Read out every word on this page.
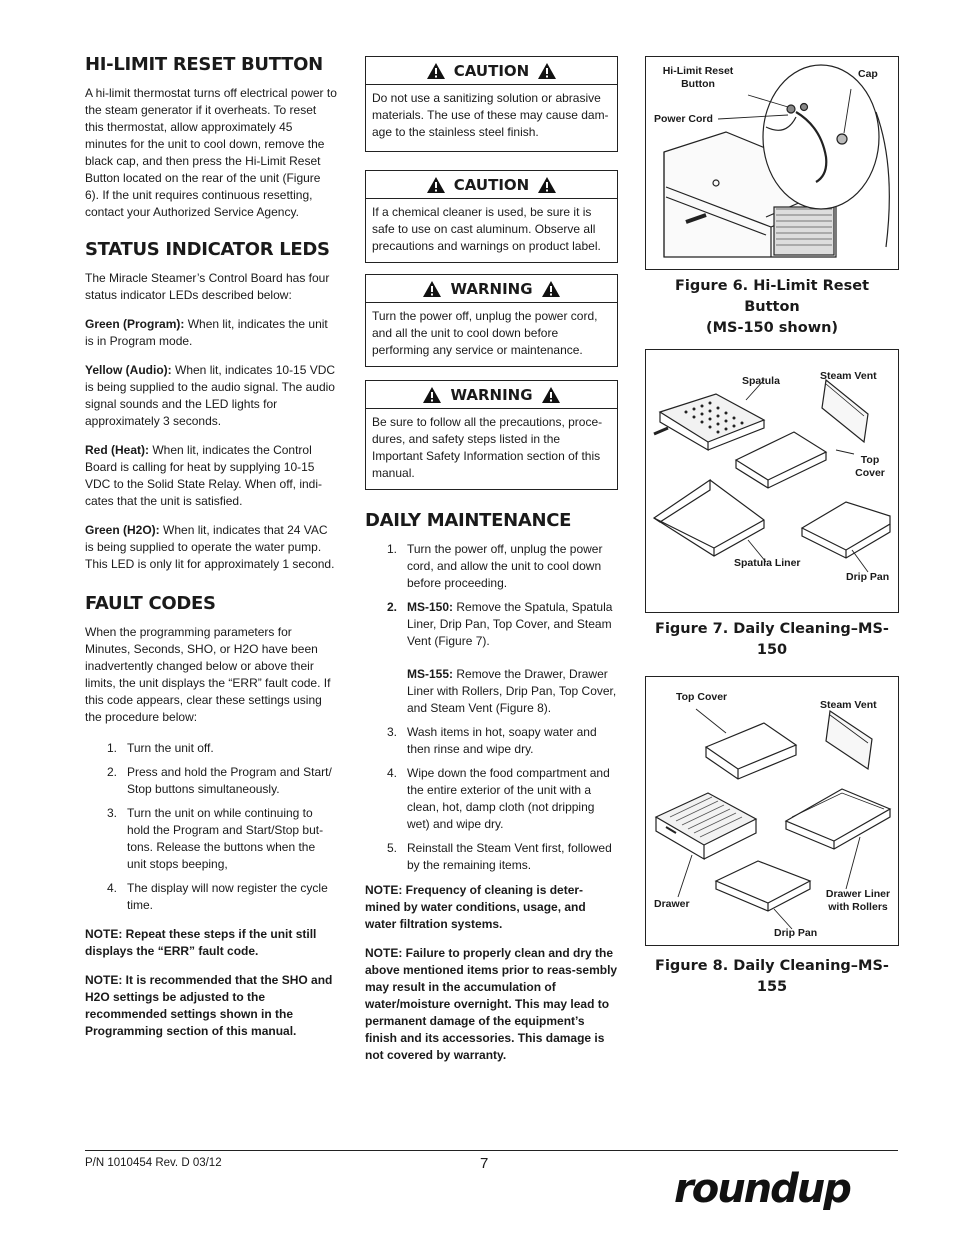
HI-LIMIT RESET BUTTON

A hi-limit thermostat turns off electrical power to the steam generator if it overheats. To reset this thermostat, allow approximately 45 minutes for the unit to cool down, remove the black cap, and then press the Hi-Limit Reset Button located on the rear of the unit (Figure 6). If the unit requires continuous resetting, contact your Authorized Service Agency.

STATUS INDICATOR LEDS

The Miracle Steamer’s Control Board has four status indicator LEDs described below:

Green (Program): When lit, indicates the unit is in Program mode.

Yellow (Audio): When lit, indicates 10-15 VDC is being supplied to the audio signal. The audio signal sounds and the LED lights for approximately 3 seconds.

Red (Heat): When lit, indicates the Control Board is calling for heat by supplying 10-15 VDC to the Solid State Relay. When off, indi-cates that the unit is satisfied.

Green (H2O): When lit, indicates that 24 VAC is being supplied to operate the water pump. This LED is only lit for approximately 1 second.

FAULT CODES

When the programming parameters for Minutes, Seconds, SHO, or H2O have been inadvertently changed below or above their limits, the unit displays the “ERR” fault code. If this code appears, clear these settings using the procedure below:

1. Turn the unit off.
2. Press and hold the Program and Start/ Stop buttons simultaneously.
3. Turn the unit on while continuing to hold the Program and Start/Stop but-tons. Release the buttons when the unit stops beeping,
4. The display will now register the cycle time.

NOTE: Repeat these steps if the unit still displays the “ERR” fault code.

NOTE: It is recommended that the SHO and H2O settings be adjusted to the recommended settings shown in the Programming section of this manual.

CAUTION
Do not use a sanitizing solution or abrasive materials. The use of these may cause dam-age to the stainless steel finish.
CAUTION
If a chemical cleaner is used, be sure it is safe to use on cast aluminum. Observe all precautions and warnings on product label.
WARNING
Turn the power off, unplug the power cord, and all the unit to cool down before performing any service or maintenance.
WARNING
Be sure to follow all the precautions, proce-dures, and safety steps listed in the Important Safety Information section of this manual.
DAILY MAINTENANCE
1. Turn the power off, unplug the power cord, and allow the unit to cool down before proceeding.
2. MS-150: Remove the Spatula, Spatula Liner, Drip Pan, Top Cover, and Steam Vent (Figure 7).
MS-155: Remove the Drawer, Drawer Liner with Rollers, Drip Pan, Top Cover, and Steam Vent (Figure 8).
3. Wash items in hot, soapy water and then rinse and wipe dry.
4. Wipe down the food compartment and the entire exterior of the unit with a clean, hot, damp cloth (not dripping wet) and wipe dry.
5. Reinstall the Steam Vent first, followed by the remaining items.

NOTE: Frequency of cleaning is deter-mined by water conditions, usage, and water filtration systems.

NOTE: Failure to properly clean and dry the above mentioned items prior to reas-sembly may result in the accumulation of water/moisture overnight. This may lead to permanent damage of the equipment’s finish and its accessories. This damage is not covered by warranty.

Hi-Limit Reset Button
Cap
Power Cord
Figure 6. Hi-Limit Reset Button
(MS-150 shown)
Spatula	Steam Vent
Top
Cover
Spatula Liner
Drip Pan
Figure 7. Daily Cleaning–MS-150
Top Cover
Steam Vent
Drawer
Drawer Liner
with Rollers
Drip Pan
Figure 8. Daily Cleaning–MS-155
P/N 1010454 Rev. D 03/12	7
roundup
